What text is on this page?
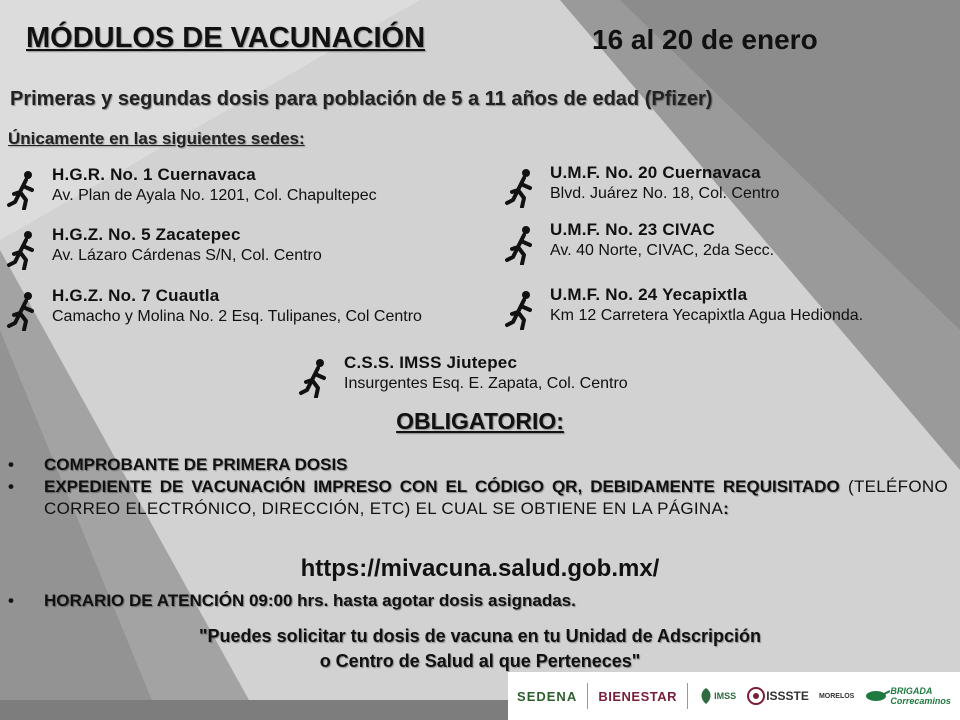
MÓDULOS DE VACUNACIÓN	16 al 20 de enero
Primeras y segundas dosis para población de 5 a 11 años de edad (Pfizer)
Únicamente en las siguientes sedes:
H.G.R. No. 1 Cuernavaca
Av. Plan de Ayala No. 1201, Col. Chapultepec
H.G.Z. No. 5 Zacatepec
Av. Lázaro Cárdenas S/N, Col. Centro
H.G.Z. No. 7 Cuautla
Camacho y Molina No. 2 Esq. Tulipanes, Col Centro
U.M.F. No. 20 Cuernavaca
Blvd. Juárez No. 18, Col. Centro
U.M.F. No. 23 CIVAC
Av. 40 Norte, CIVAC, 2da Secc.
U.M.F. No. 24 Yecapixtla
Km 12 Carretera Yecapixtla Agua Hedionda.
C.S.S. IMSS Jiutepec
Insurgentes Esq. E. Zapata, Col. Centro
OBLIGATORIO:
•	COMPROBANTE DE PRIMERA DOSIS
•	EXPEDIENTE DE VACUNACIÓN IMPRESO CON EL CÓDIGO QR, DEBIDAMENTE REQUISITADO (TELÉFONO CORREO ELECTRÓNICO, DIRECCIÓN, ETC) EL CUAL SE OBTIENE EN LA PÁGINA:
https://mivacuna.salud.gob.mx/
•	HORARIO DE ATENCIÓN 09:00 hrs. hasta agotar dosis asignadas.
"Puedes solicitar tu dosis de vacuna en tu Unidad de Adscripción
o Centro de Salud al que Perteneces"
SEDENA BIENESTAR	IMSS	ISSSTE MORELOS	BRIGADA
Correcaminos
